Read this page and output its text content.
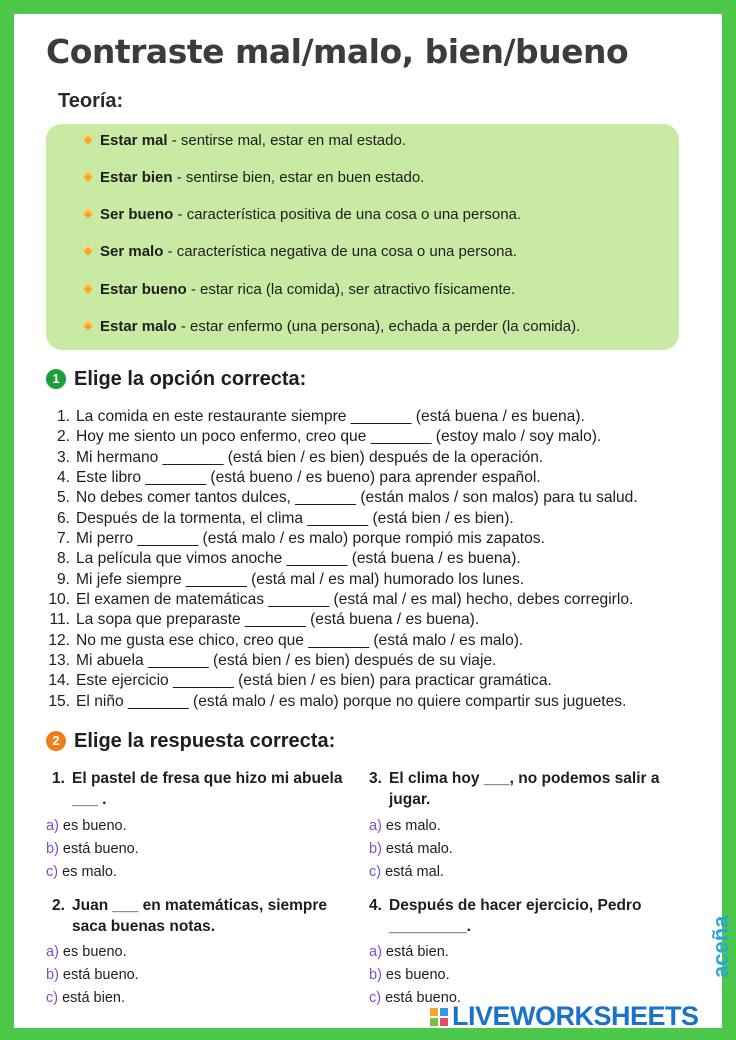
Contraste mal/malo, bien/bueno
Teoría:
Estar mal - sentirse mal, estar en mal estado.
Estar bien - sentirse bien, estar en buen estado.
Ser bueno - característica positiva de una cosa o una persona.
Ser malo - característica negativa de una cosa o una persona.
Estar bueno - estar rica (la comida), ser atractivo físicamente.
Estar malo - estar enfermo (una persona), echada a perder (la comida).
1 Elige la opción correcta:
1. La comida en este restaurante siempre _______ (está buena / es buena).
2. Hoy me siento un poco enfermo, creo que _______ (estoy malo / soy malo).
3. Mi hermano _______ (está bien / es bien) después de la operación.
4. Este libro _______ (está bueno / es bueno) para aprender español.
5. No debes comer tantos dulces, _______ (están malos / son malos) para tu salud.
6. Después de la tormenta, el clima _______ (está bien / es bien).
7. Mi perro _______ (está malo / es malo) porque rompió mis zapatos.
8. La película que vimos anoche _______ (está buena / es buena).
9. Mi jefe siempre _______ (está mal / es mal) humorado los lunes.
10. El examen de matemáticas _______ (está mal / es mal) hecho, debes corregirlo.
11. La sopa que preparaste _______ (está buena / es buena).
12. No me gusta ese chico, creo que _______ (está malo / es malo).
13. Mi abuela _______ (está bien / es bien) después de su viaje.
14. Este ejercicio _______ (está bien / es bien) para practicar gramática.
15. El niño _______ (está malo / es malo) porque no quiere compartir sus juguetes.
2 Elige la respuesta correcta:
1. El pastel de fresa que hizo mi abuela ___ .
a) es bueno.
b) está bueno.
c) es malo.
2. Juan ___ en matemáticas, siempre saca buenas notas.
a) es bueno.
b) está bueno.
c) está bien.
3. El clima hoy ___, no podemos salir a jugar.
a) es malo.
b) está malo.
c) está mal.
4. Después de hacer ejercicio, Pedro _________.
a) está bien.
b) es bueno.
c) está bueno.
aceña
LIVEWORKSHEETS
